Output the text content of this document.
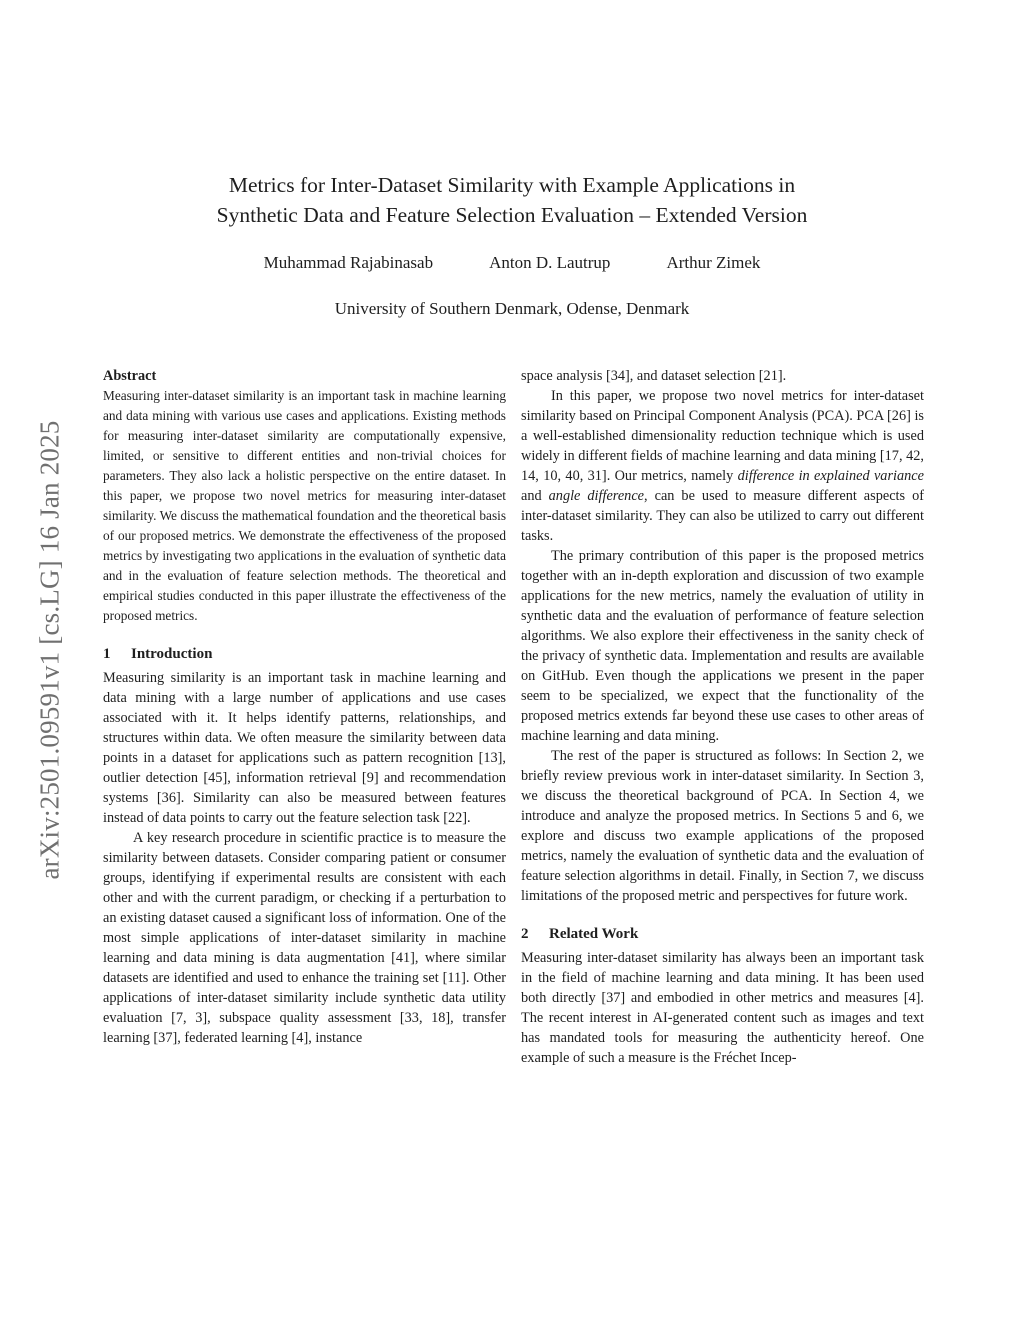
arXiv:2501.09591v1 [cs.LG] 16 Jan 2025
Metrics for Inter-Dataset Similarity with Example Applications in
Synthetic Data and Feature Selection Evaluation – Extended Version
Muhammad Rajabinasab	Anton D. Lautrup	Arthur Zimek
University of Southern Denmark, Odense, Denmark
Abstract

Measuring inter-dataset similarity is an important task in machine learning and data mining with various use cases and applications. Existing methods for measuring inter-dataset similarity are computationally expensive, limited, or sensitive to different entities and non-trivial choices for parameters. They also lack a holistic perspective on the entire dataset. In this paper, we propose two novel metrics for measuring inter-dataset similarity. We discuss the mathematical foundation and the theoretical basis of our proposed metrics. We demonstrate the effectiveness of the proposed metrics by investigating two applications in the evaluation of synthetic data and in the evaluation of feature selection methods. The theoretical and empirical studies conducted in this paper illustrate the effectiveness of the proposed metrics.

1 Introduction

Measuring similarity is an important task in machine learning and data mining with a large number of applications and use cases associated with it. It helps identify patterns, relationships, and structures within data. We often measure the similarity between data points in a dataset for applications such as pattern recognition [13], outlier detection [45], information retrieval [9] and recommendation systems [36]. Similarity can also be measured between features instead of data points to carry out the feature selection task [22].

A key research procedure in scientific practice is to measure the similarity between datasets. Consider comparing patient or consumer groups, identifying if experimental results are consistent with each other and with the current paradigm, or checking if a perturbation to an existing dataset caused a significant loss of information. One of the most simple applications of inter-dataset similarity in machine learning and data mining is data augmentation [41], where similar datasets are identified and used to enhance the training set [11]. Other applications of inter-dataset similarity include synthetic data utility evaluation [7, 3], subspace quality assessment [33, 18], transfer learning [37], federated learning [4], instance

space analysis [34], and dataset selection [21].

In this paper, we propose two novel metrics for inter-dataset similarity based on Principal Component Analysis (PCA). PCA [26] is a well-established dimensionality reduction technique which is used widely in different fields of machine learning and data mining [17, 42, 14, 10, 40, 31]. Our metrics, namely difference in explained variance and angle difference, can be used to measure different aspects of inter-dataset similarity. They can also be utilized to carry out different tasks.

The primary contribution of this paper is the proposed metrics together with an in-depth exploration and discussion of two example applications for the new metrics, namely the evaluation of utility in synthetic data and the evaluation of performance of feature selection algorithms. We also explore their effectiveness in the sanity check of the privacy of synthetic data. Implementation and results are available on GitHub. Even though the applications we present in the paper seem to be specialized, we expect that the functionality of the proposed metrics extends far beyond these use cases to other areas of machine learning and data mining.

The rest of the paper is structured as follows: In Section 2, we briefly review previous work in inter-dataset similarity. In Section 3, we discuss the theoretical background of PCA. In Section 4, we introduce and analyze the proposed metrics. In Sections 5 and 6, we explore and discuss two example applications of the proposed metrics, namely the evaluation of synthetic data and the evaluation of feature selection algorithms in detail. Finally, in Section 7, we discuss limitations of the proposed metric and perspectives for future work.

2 Related Work

Measuring inter-dataset similarity has always been an important task in the field of machine learning and data mining. It has been used both directly [37] and embodied in other metrics and measures [4]. The recent interest in AI-generated content such as images and text has mandated tools for measuring the authenticity hereof. One example of such a measure is the Fréchet Incep-
